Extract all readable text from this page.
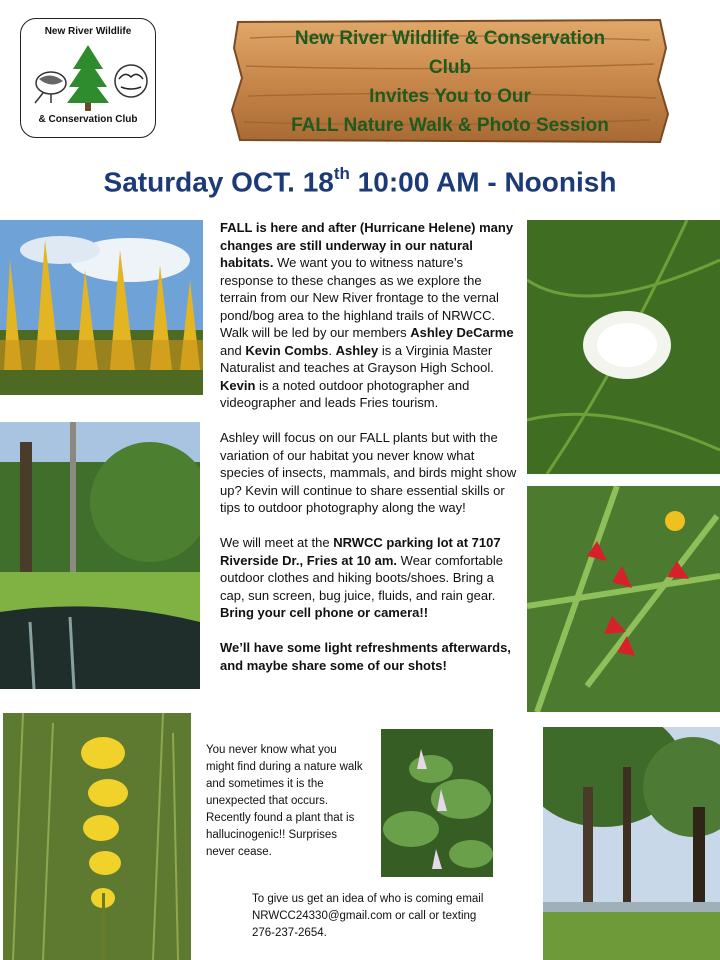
New River Wildlife
& Conservation Club
New River Wildlife & Conservation
Club
Invites You to Our
FALL Nature Walk & Photo Session
Saturday OCT. 18th 10:00 AM - Noonish

FALL is here and after (Hurricane Helene) many changes are still underway in our natural habitats. We want you to witness nature’s response to these changes as we explore the terrain from our New River frontage to the vernal pond/bog area to the highland trails of NRWCC. Walk will be led by our members Ashley DeCarme and Kevin Combs. Ashley is a Virginia Master Naturalist and teaches at Grayson High School. Kevin is a noted outdoor photographer and videographer and leads Fries tourism.

Ashley will focus on our FALL plants but with the variation of our habitat you never know what species of insects, mammals, and birds might show up? Kevin will continue to share essential skills or tips to outdoor photography along the way!

We will meet at the NRWCC parking lot at 7107 Riverside Dr., Fries at 10 am. Wear comfortable outdoor clothes and hiking boots/shoes. Bring a cap, sun screen, bug juice, fluids, and rain gear. Bring your cell phone or camera!!

We’ll have some light refreshments afterwards, and maybe share some of our shots!

You never know what you might find during a nature walk and sometimes it is the unexpected that occurs. Recently found a plant that is hallucinogenic!! Surprises never cease.
To give us get an idea of who is coming email NRWCC24330@gmail.com or call or texting 276-237-2654.
